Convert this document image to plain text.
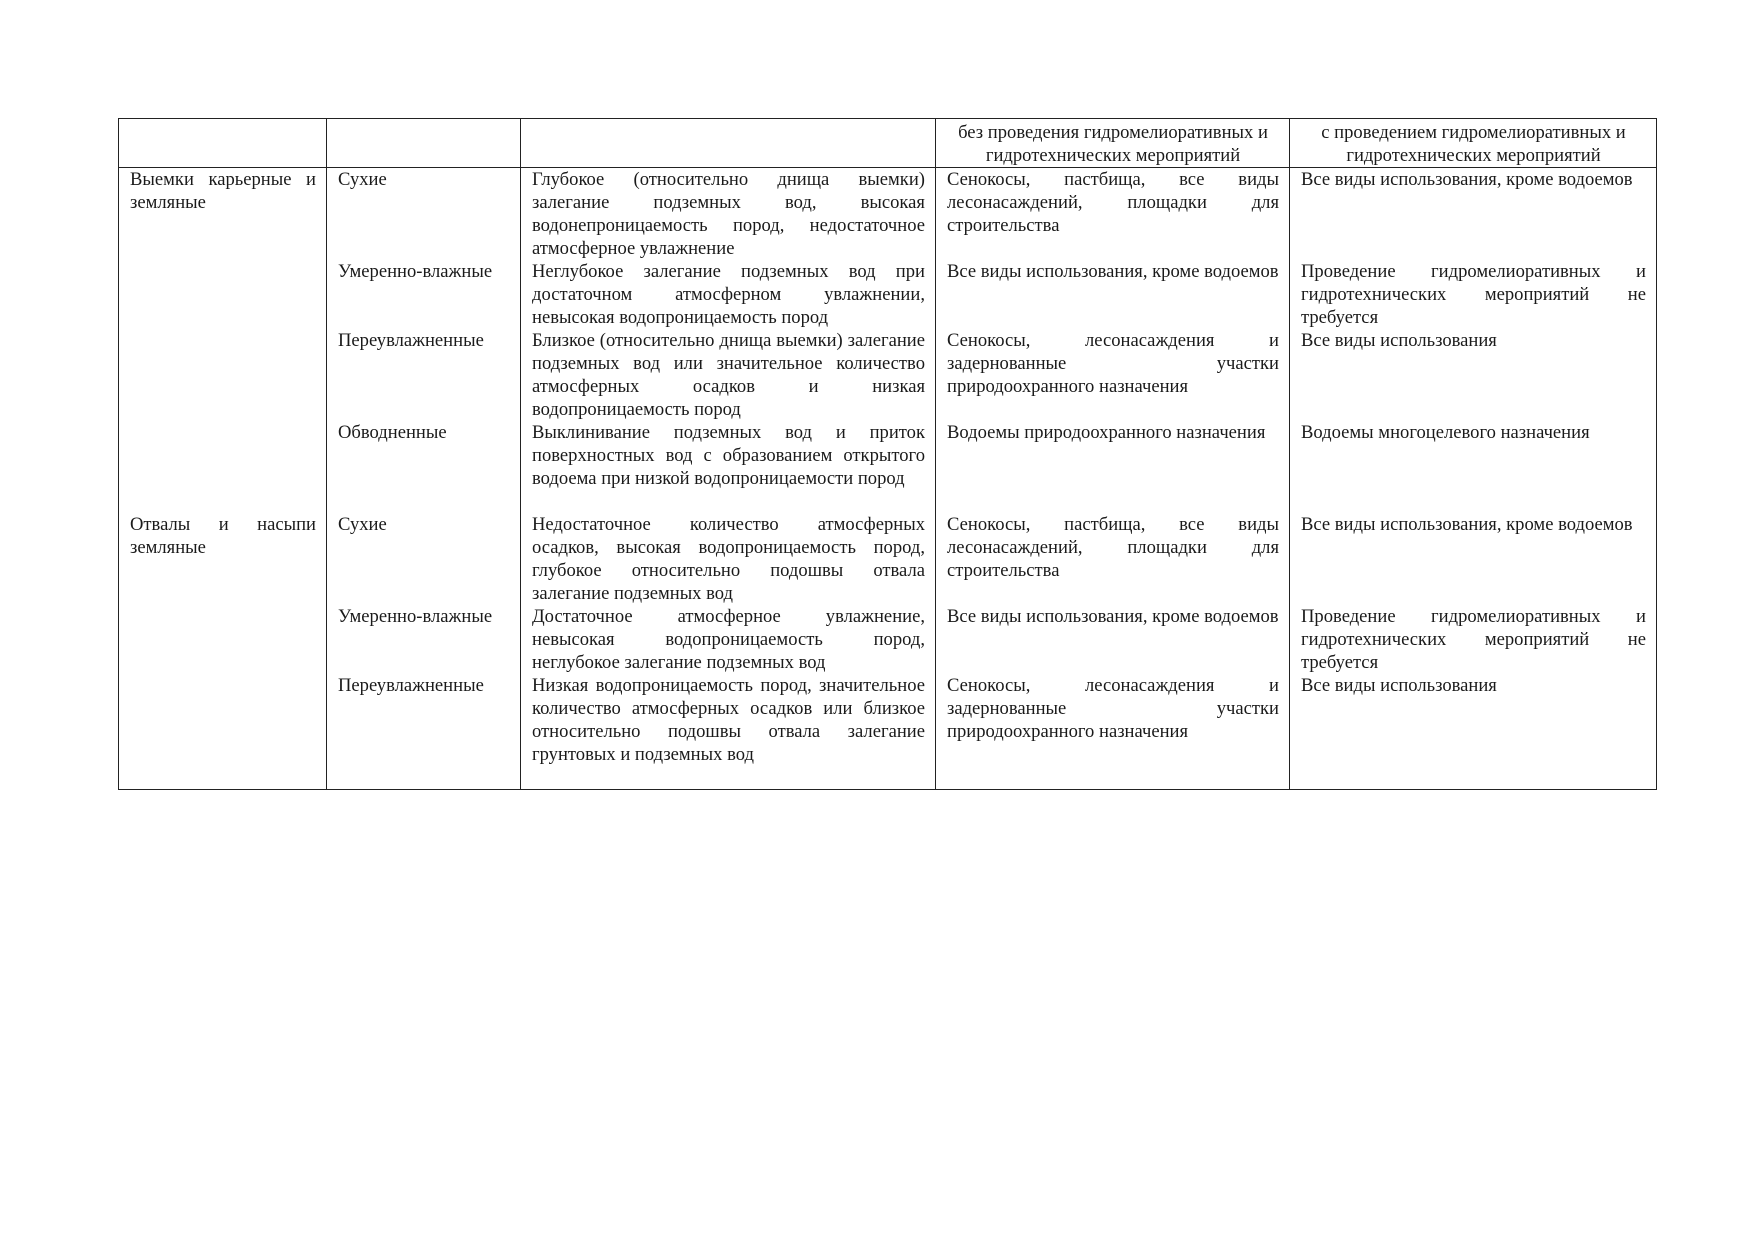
			без проведения гидромелиоративных и гидротехнических мероприятий	с проведением гидромелиоративных и гидротехнических мероприятий

Выемки карьерные и земляные	Сухие	Глубокое (относительно днища выемки) залегание подземных вод, высокая водонепроницаемость пород, недостаточное атмосферное увлажнение	Сенокосы, пастбища, все виды лесонасаждений, площадки для строительства	Все виды использования, кроме водоемов

	Умеренно-влажные	Неглубокое залегание подземных вод при достаточном атмосферном увлажнении, невысокая водопроницаемость пород	Все виды использования, кроме водоемов	Проведение гидромелиоративных и гидротехнических мероприятий не требуется

	Переувлажненные	Близкое (относительно днища выемки) залегание подземных вод или значительное количество атмосферных осадков и низкая водопроницаемость пород	Сенокосы, лесонасаждения и задернованные участки природоохранного назначения	Все виды использования

	Обводненные	Выклинивание подземных вод и приток поверхностных вод с образованием открытого водоема при низкой водопроницаемости пород	Водоемы природоохранного назначения	Водоемы многоцелевого назначения

Отвалы и насыпи земляные	Сухие	Недостаточное количество атмосферных осадков, высокая водопроницаемость пород, глубокое относительно подошвы отвала залегание подземных вод	Сенокосы, пастбища, все виды лесонасаждений, площадки для строительства	Все виды использования, кроме водоемов

	Умеренно-влажные	Достаточное атмосферное увлажнение, невысокая водопроницаемость пород, неглубокое залегание подземных вод	Все виды использования, кроме водоемов	Проведение гидромелиоративных и гидротехнических мероприятий не требуется

	Переувлажненные	Низкая водопроницаемость пород, значительное количество атмосферных осадков или близкое относительно подошвы отвала залегание грунтовых и подземных вод	Сенокосы, лесонасаждения и задернованные участки природоохранного назначения	Все виды использования
